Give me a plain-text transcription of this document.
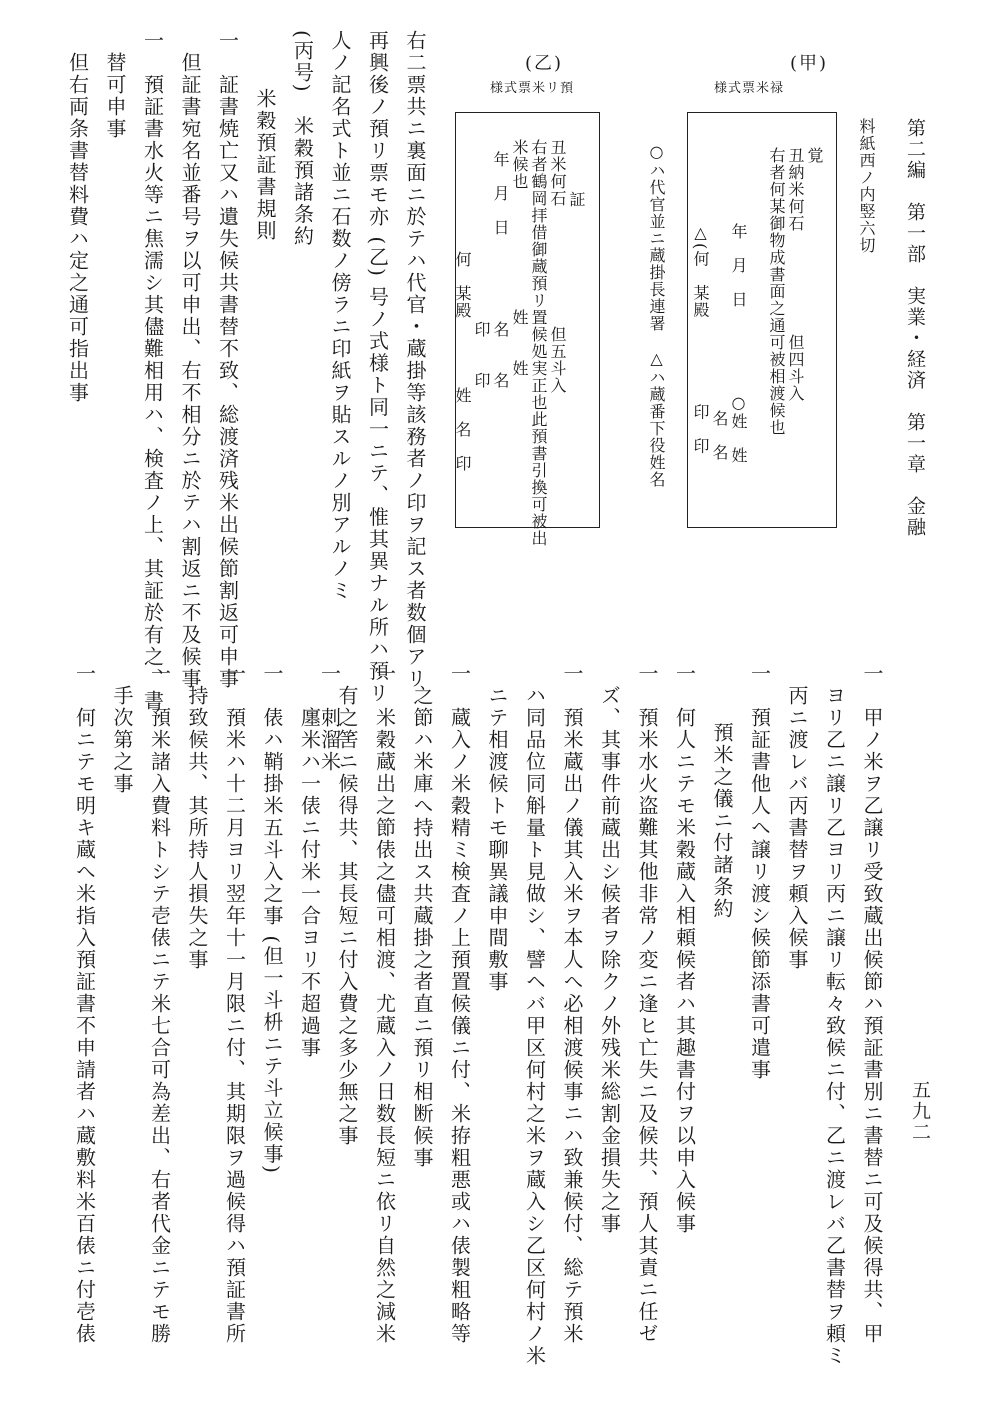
第二編　第一部　実業・経済　第一章　金融
五九二
料紙西ノ内竪六切
(甲)
様式票米禄
覚
丑納米何石　　　　　　但四斗入
右者何某御物成書面之通可被相渡候也
年　月　日　　　　　○姓　姓
　　　　　　　　　　　名　名
△(何　某殿　　　　　印　印
○ハ代官並ニ蔵掛長連署　△ハ蔵番下役姓名
(乙)
様式票米リ預
証
丑米何石　　　　　　　但五斗入
右者鶴岡拝借御蔵預リ置候処実正也此預書引換可被出
米候也　　　　　　　姓　　姓
年　月　日　　　　　名　　名
　　　　　　　　　　印　　印
何　某殿　　　　姓　名　印
右二票共ニ裏面ニ於テハ代官・蔵掛等該務者ノ印ヲ記ス者数個アリ
再興後ノ預リ票モ亦 (乙) 号ノ式様ト同一ニテ、惟其異ナル所ハ預リ
人ノ記名式ト並ニ石数ノ傍ラニ印紙ヲ貼スルノ別アルノミ
(丙号)　米穀預諸条約
米穀預証書規則
一　証書焼亡又ハ遺失候共書替不致、総渡済残米出候節割返可申事
　但証書宛名並番号ヲ以可申出、右不相分ニ於テハ割返ニ不及候事
一　預証書水火等ニ焦濡シ其儘難相用ハ、検査ノ上、其証於有之、書
　替可申事
　但右両条書替料費ハ定之通可指出事
一　甲ノ米ヲ乙譲リ受致蔵出候節ハ預証書別ニ書替ニ可及候得共、甲
　ヨリ乙ニ譲リ乙ヨリ丙ニ譲リ転々致候ニ付、乙ニ渡レバ乙書替ヲ頼ミ
　丙ニ渡レバ丙書替ヲ頼入候事
一　預証書他人へ譲リ渡シ候節添書可遣事
預米之儀ニ付諸条約
一　何人ニテモ米穀蔵入相頼候者ハ其趣書付ヲ以申入候事
一　預米水火盗難其他非常ノ変ニ逢ヒ亡失ニ及候共、預人其責ニ任ゼ
　ズ、其事件前蔵出シ候者ヲ除クノ外残米総割金損失之事
一　預米蔵出ノ儀其入米ヲ本人へ必相渡候事ニハ致兼候付、総テ預米
　ハ同品位同斛量ト見做シ、譬ヘバ甲区何村之米ヲ蔵入シ乙区何村ノ米
　ニテ相渡候トモ聊異議申間敷事
一　蔵入ノ米穀精ミ検査ノ上預置候儀ニ付、米拵粗悪或ハ俵製粗略等
　之節ハ米庫へ持出ス共蔵掛之者直ニ預リ相断候事
一　米穀蔵出之節俵之儘可相渡、尤蔵入ノ日数長短ニ依リ自然之減米
　有之筈ニ候得共、其長短ニ付入費之多少無之事
一　刺溜米
　　廛米ハ一俵ニ付米一合ヨリ不超過事
一　俵ハ鞘掛米五斗入之事 (但一斗枡ニテ斗立候事)
一　預米ハ十二月ヨリ翌年十一月限ニ付、其期限ヲ過候得ハ預証書所
　持致候共、其所持人損失之事
一　預米諸入費料トシテ壱俵ニテ米七合可為差出、右者代金ニテモ勝
　手次第之事
一　何ニテモ明キ蔵へ米指入預証書不申請者ハ蔵敷料米百俵ニ付壱俵
